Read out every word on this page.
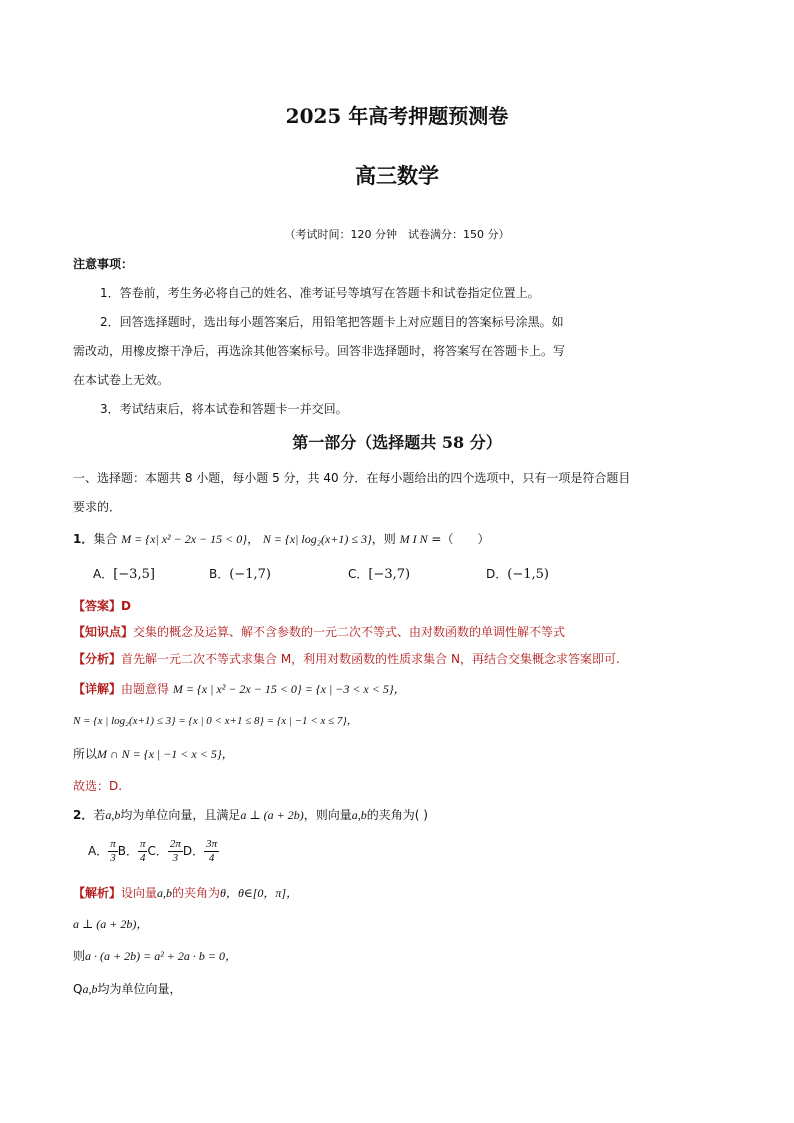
2025 年高考押题预测卷
高三数学
（考试时间：120 分钟　试卷满分：150 分）
注意事项：
1．答卷前，考生务必将自己的姓名、准考证号等填写在答题卡和试卷指定位置上。
2．回答选择题时，选出每小题答案后，用铅笔把答题卡上对应题目的答案标号涂黑。如
需改动，用橡皮擦干净后，再选涂其他答案标号。回答非选择题时，将答案写在答题卡上。写
在本试卷上无效。
3．考试结束后，将本试卷和答题卡一并交回。
第一部分（选择题共 58 分）
一、选择题：本题共 8 小题，每小题 5 分，共 40 分．在每小题给出的四个选项中，只有一项是符合题目
要求的．
1．集合 M = {x| x² − 2x − 15 < 0}， N = {x| log₂(x+1) ≤ 3}，则 M I N =（　　）
A．[−3,5]	B．(−1,7)	C．[−3,7)	D．(−1,5)
【答案】D
【知识点】交集的概念及运算、解不含参数的一元二次不等式、由对数函数的单调性解不等式
【分析】首先解一元二次不等式求集合 M，利用对数函数的性质求集合 N，再结合交集概念求答案即可.
【详解】由题意得 M = {x | x² − 2x − 15 < 0} = {x | −3 < x < 5}，
N = {x | log₂(x+1) ≤ 3} = {x | 0 < x+1 ≤ 8} = {x | −1 < x ≤ 7}，
所以M ∩ N = {x | −1 < x < 5}，
故选：D.
2．若a,b均为单位向量，且满足a ⊥ (a + 2b)，则向量a,b的夹角为( )
A． $\frac{\pi}{3}$ B． $\frac{\pi}{4}$ C． $\frac{2\pi}{3}$ D． $\frac{3\pi}{4}$
【解析】设向量a,b的夹角为θ，θ∈[0，π]，
a ⊥ (a + 2b)，
则a · (a + 2b) = a² + 2a · b = 0，
Qa,b均为单位向量，
